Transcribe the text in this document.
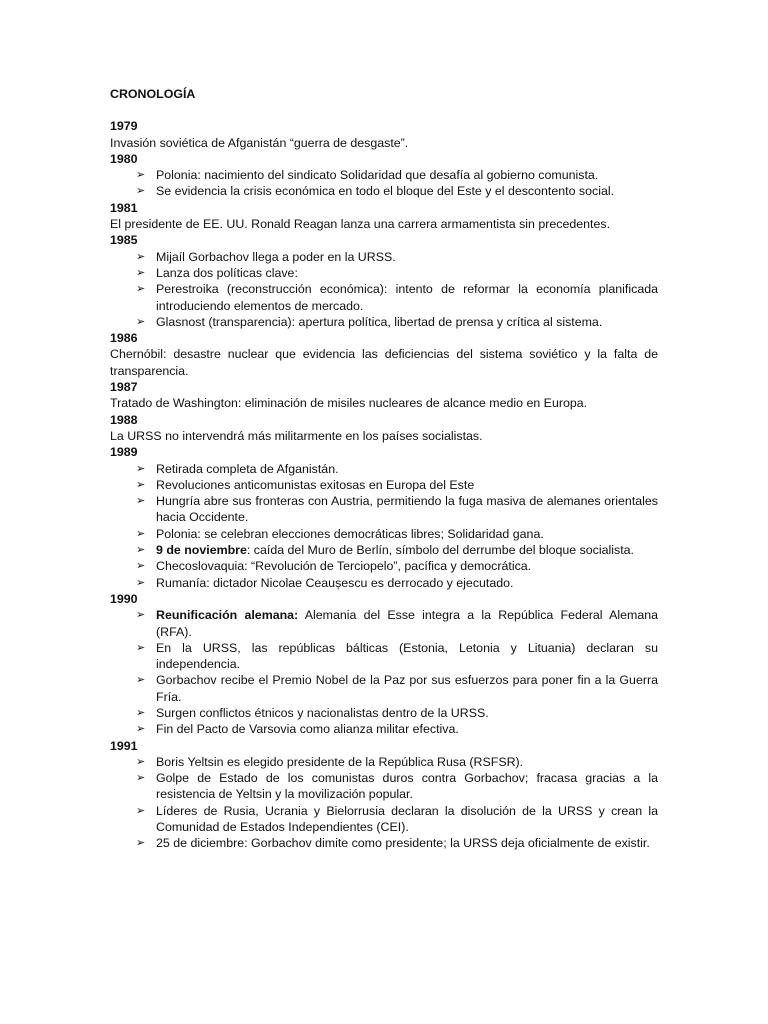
CRONOLOGÍA

1979

Invasión soviética de Afganistán “guerra de desgaste”.

1980

➢ Polonia: nacimiento del sindicato Solidaridad que desafía al gobierno comunista.
➢ Se evidencia la crisis económica en todo el bloque del Este y el descontento social.

1981

El presidente de EE. UU. Ronald Reagan lanza una carrera armamentista sin precedentes.

1985

➢ Mijaíl Gorbachov llega a poder en la URSS.
➢ Lanza dos políticas clave:
➢ Perestroika (reconstrucción económica): intento de reformar la economía planificada introduciendo elementos de mercado.
➢ Glasnost (transparencia): apertura política, libertad de prensa y crítica al sistema.

1986

Chernóbil: desastre nuclear que evidencia las deficiencias del sistema soviético y la falta de transparencia.

1987

Tratado de Washington: eliminación de misiles nucleares de alcance medio en Europa.

1988

La URSS no intervendrá más militarmente en los países socialistas.

1989

➢ Retirada completa de Afganistán.
➢ Revoluciones anticomunistas exitosas en Europa del Este
➢ Hungría abre sus fronteras con Austria, permitiendo la fuga masiva de alemanes orientales hacia Occidente.
➢ Polonia: se celebran elecciones democráticas libres; Solidaridad gana.
➢ 9 de noviembre: caída del Muro de Berlín, símbolo del derrumbe del bloque socialista.
➢ Checoslovaquia: “Revolución de Terciopelo”, pacífica y democrática.
➢ Rumanía: dictador Nicolae Ceaușescu es derrocado y ejecutado.

1990

➢ Reunificación alemana: Alemania del Esse integra a la República Federal Alemana (RFA).
➢ En la URSS, las repúblicas bálticas (Estonia, Letonia y Lituania) declaran su independencia.
➢ Gorbachov recibe el Premio Nobel de la Paz por sus esfuerzos para poner fin a la Guerra Fría.
➢ Surgen conflictos étnicos y nacionalistas dentro de la URSS.
➢ Fin del Pacto de Varsovia como alianza militar efectiva.

1991

➢ Boris Yeltsin es elegido presidente de la República Rusa (RSFSR).
➢ Golpe de Estado de los comunistas duros contra Gorbachov; fracasa gracias a la resistencia de Yeltsin y la movilización popular.
➢ Líderes de Rusia, Ucrania y Bielorrusia declaran la disolución de la URSS y crean la Comunidad de Estados Independientes (CEI).
➢ 25 de diciembre: Gorbachov dimite como presidente; la URSS deja oficialmente de existir.
